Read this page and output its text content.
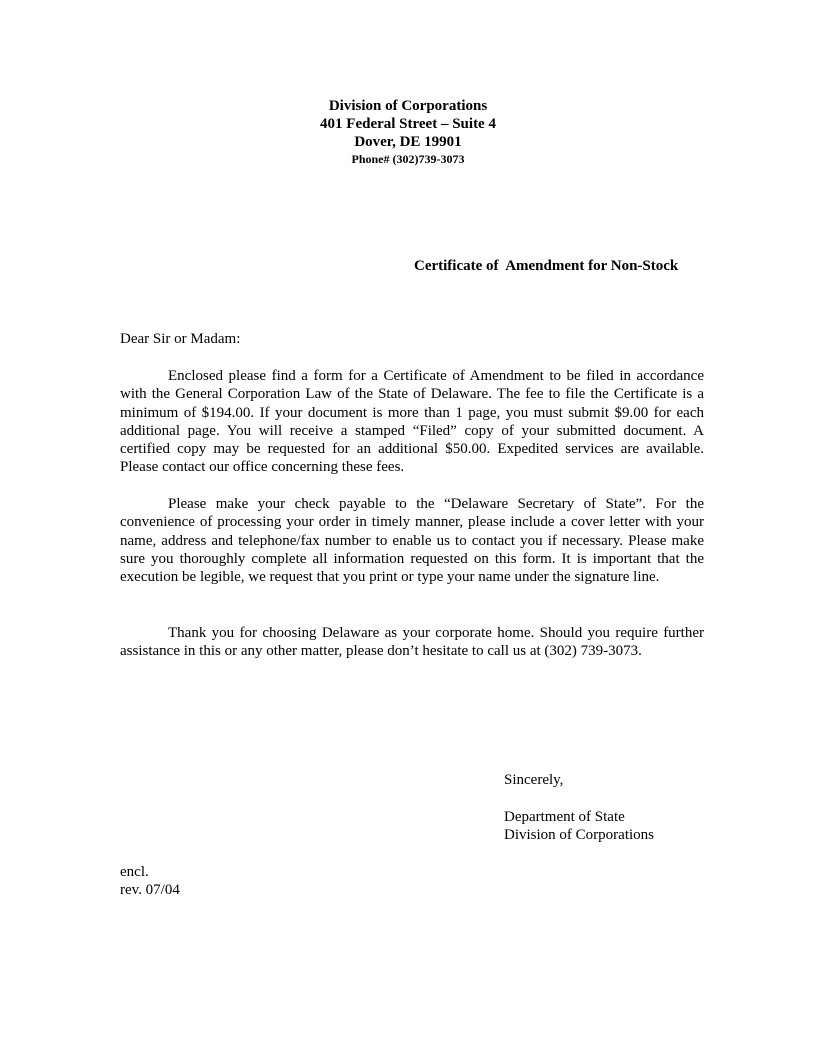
Division of Corporations
401 Federal Street – Suite 4
Dover, DE 19901
Phone# (302)739-3073
Certificate of  Amendment for Non-Stock
Dear Sir or Madam:
Enclosed please find a form for a Certificate of Amendment to be filed in accordance with the General Corporation Law of the State of Delaware. The fee to file the Certificate is a minimum of $194.00. If your document is more than 1 page, you must submit $9.00 for each additional page. You will receive a stamped “Filed” copy of your submitted document. A certified copy may be requested for an additional $50.00. Expedited services are available. Please contact our office concerning these fees.
Please make your check payable to the “Delaware Secretary of State”. For the convenience of processing your order in timely manner, please include a cover letter with your name, address and telephone/fax number to enable us to contact you if necessary. Please make sure you thoroughly complete all information requested on this form. It is important that the execution be legible, we request that you print or type your name under the signature line.
Thank you for choosing Delaware as your corporate home. Should you require further assistance in this or any other matter, please don’t hesitate to call us at (302) 739-3073.
Sincerely,
Department of State
Division of Corporations
encl.
rev. 07/04
